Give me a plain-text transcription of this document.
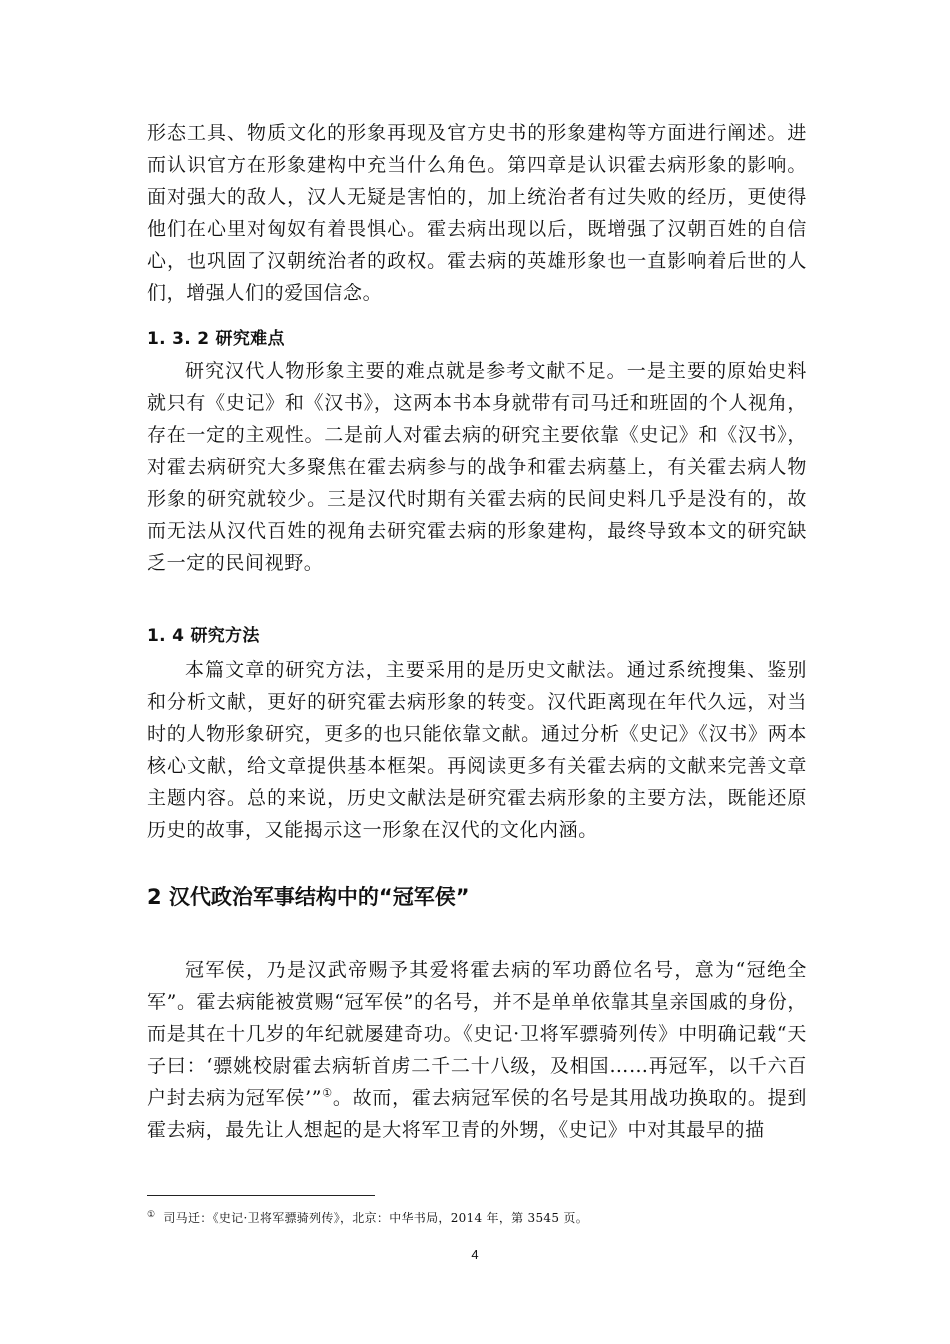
形态工具、物质文化的形象再现及官方史书的形象建构等方面进行阐述。进而认识官方在形象建构中充当什么角色。第四章是认识霍去病形象的影响。面对强大的敌人，汉人无疑是害怕的，加上统治者有过失败的经历，更使得他们在心里对匈奴有着畏惧心。霍去病出现以后，既增强了汉朝百姓的自信心，也巩固了汉朝统治者的政权。霍去病的英雄形象也一直影响着后世的人们，增强人们的爱国信念。

1. 3. 2 研究难点

研究汉代人物形象主要的难点就是参考文献不足。一是主要的原始史料就只有《史记》和《汉书》，这两本书本身就带有司马迁和班固的个人视角，存在一定的主观性。二是前人对霍去病的研究主要依靠《史记》和《汉书》，对霍去病研究大多聚焦在霍去病参与的战争和霍去病墓上，有关霍去病人物形象的研究就较少。三是汉代时期有关霍去病的民间史料几乎是没有的，故而无法从汉代百姓的视角去研究霍去病的形象建构，最终导致本文的研究缺乏一定的民间视野。

1. 4 研究方法

本篇文章的研究方法，主要采用的是历史文献法。通过系统搜集、鉴别和分析文献，更好的研究霍去病形象的转变。汉代距离现在年代久远，对当时的人物形象研究，更多的也只能依靠文献。通过分析《史记》《汉书》两本核心文献，给文章提供基本框架。再阅读更多有关霍去病的文献来完善文章主题内容。总的来说，历史文献法是研究霍去病形象的主要方法，既能还原历史的故事，又能揭示这一形象在汉代的文化内涵。

2 汉代政治军事结构中的“冠军侯”

冠军侯，乃是汉武帝赐予其爱将霍去病的军功爵位名号，意为“冠绝全军”。霍去病能被赏赐“冠军侯”的名号，并不是单单依靠其皇亲国戚的身份，而是其在十几岁的年纪就屡建奇功。《史记·卫将军骠骑列传》中明确记载“天子曰：‘骠姚校尉霍去病斩首虏二千二十八级，及相国……再冠军，以千六百户封去病为冠军侯’”①。故而，霍去病冠军侯的名号是其用战功换取的。提到霍去病，最先让人想起的是大将军卫青的外甥，《史记》中对其最早的描

① 司马迁：《史记·卫将军骠骑列传》，北京：中华书局，2014 年，第 3545 页。

4
